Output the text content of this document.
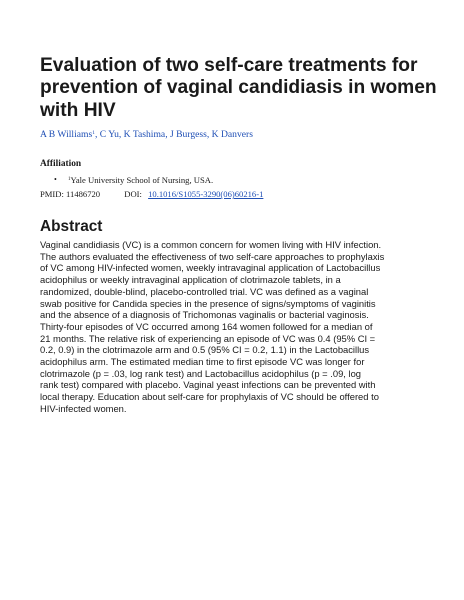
Evaluation of two self-care treatments for
prevention of vaginal candidiasis in women
with HIV
A B Williams$^1$, C Yu, K Tashima, J Burgess, K Danvers
Affiliation
• $^1$Yale University School of Nursing, USA.
PMID: 11486720	DOI: 10.1016/S1055-3290(06)60216-1
Abstract
Vaginal candidiasis (VC) is a common concern for women living with HIV infection.
The authors evaluated the effectiveness of two self-care approaches to prophylaxis
of VC among HIV-infected women, weekly intravaginal application of Lactobacillus
acidophilus or weekly intravaginal application of clotrimazole tablets, in a
randomized, double-blind, placebo-controlled trial. VC was defined as a vaginal
swab positive for Candida species in the presence of signs/symptoms of vaginitis
and the absence of a diagnosis of Trichomonas vaginalis or bacterial vaginosis.
Thirty-four episodes of VC occurred among 164 women followed for a median of
21 months. The relative risk of experiencing an episode of VC was 0.4 (95% CI =
0.2, 0.9) in the clotrimazole arm and 0.5 (95% CI = 0.2, 1.1) in the Lactobacillus
acidophilus arm. The estimated median time to first episode VC was longer for
clotrimazole (p = .03, log rank test) and Lactobacillus acidophilus (p = .09, log
rank test) compared with placebo. Vaginal yeast infections can be prevented with
local therapy. Education about self-care for prophylaxis of VC should be offered to
HIV-infected women.
